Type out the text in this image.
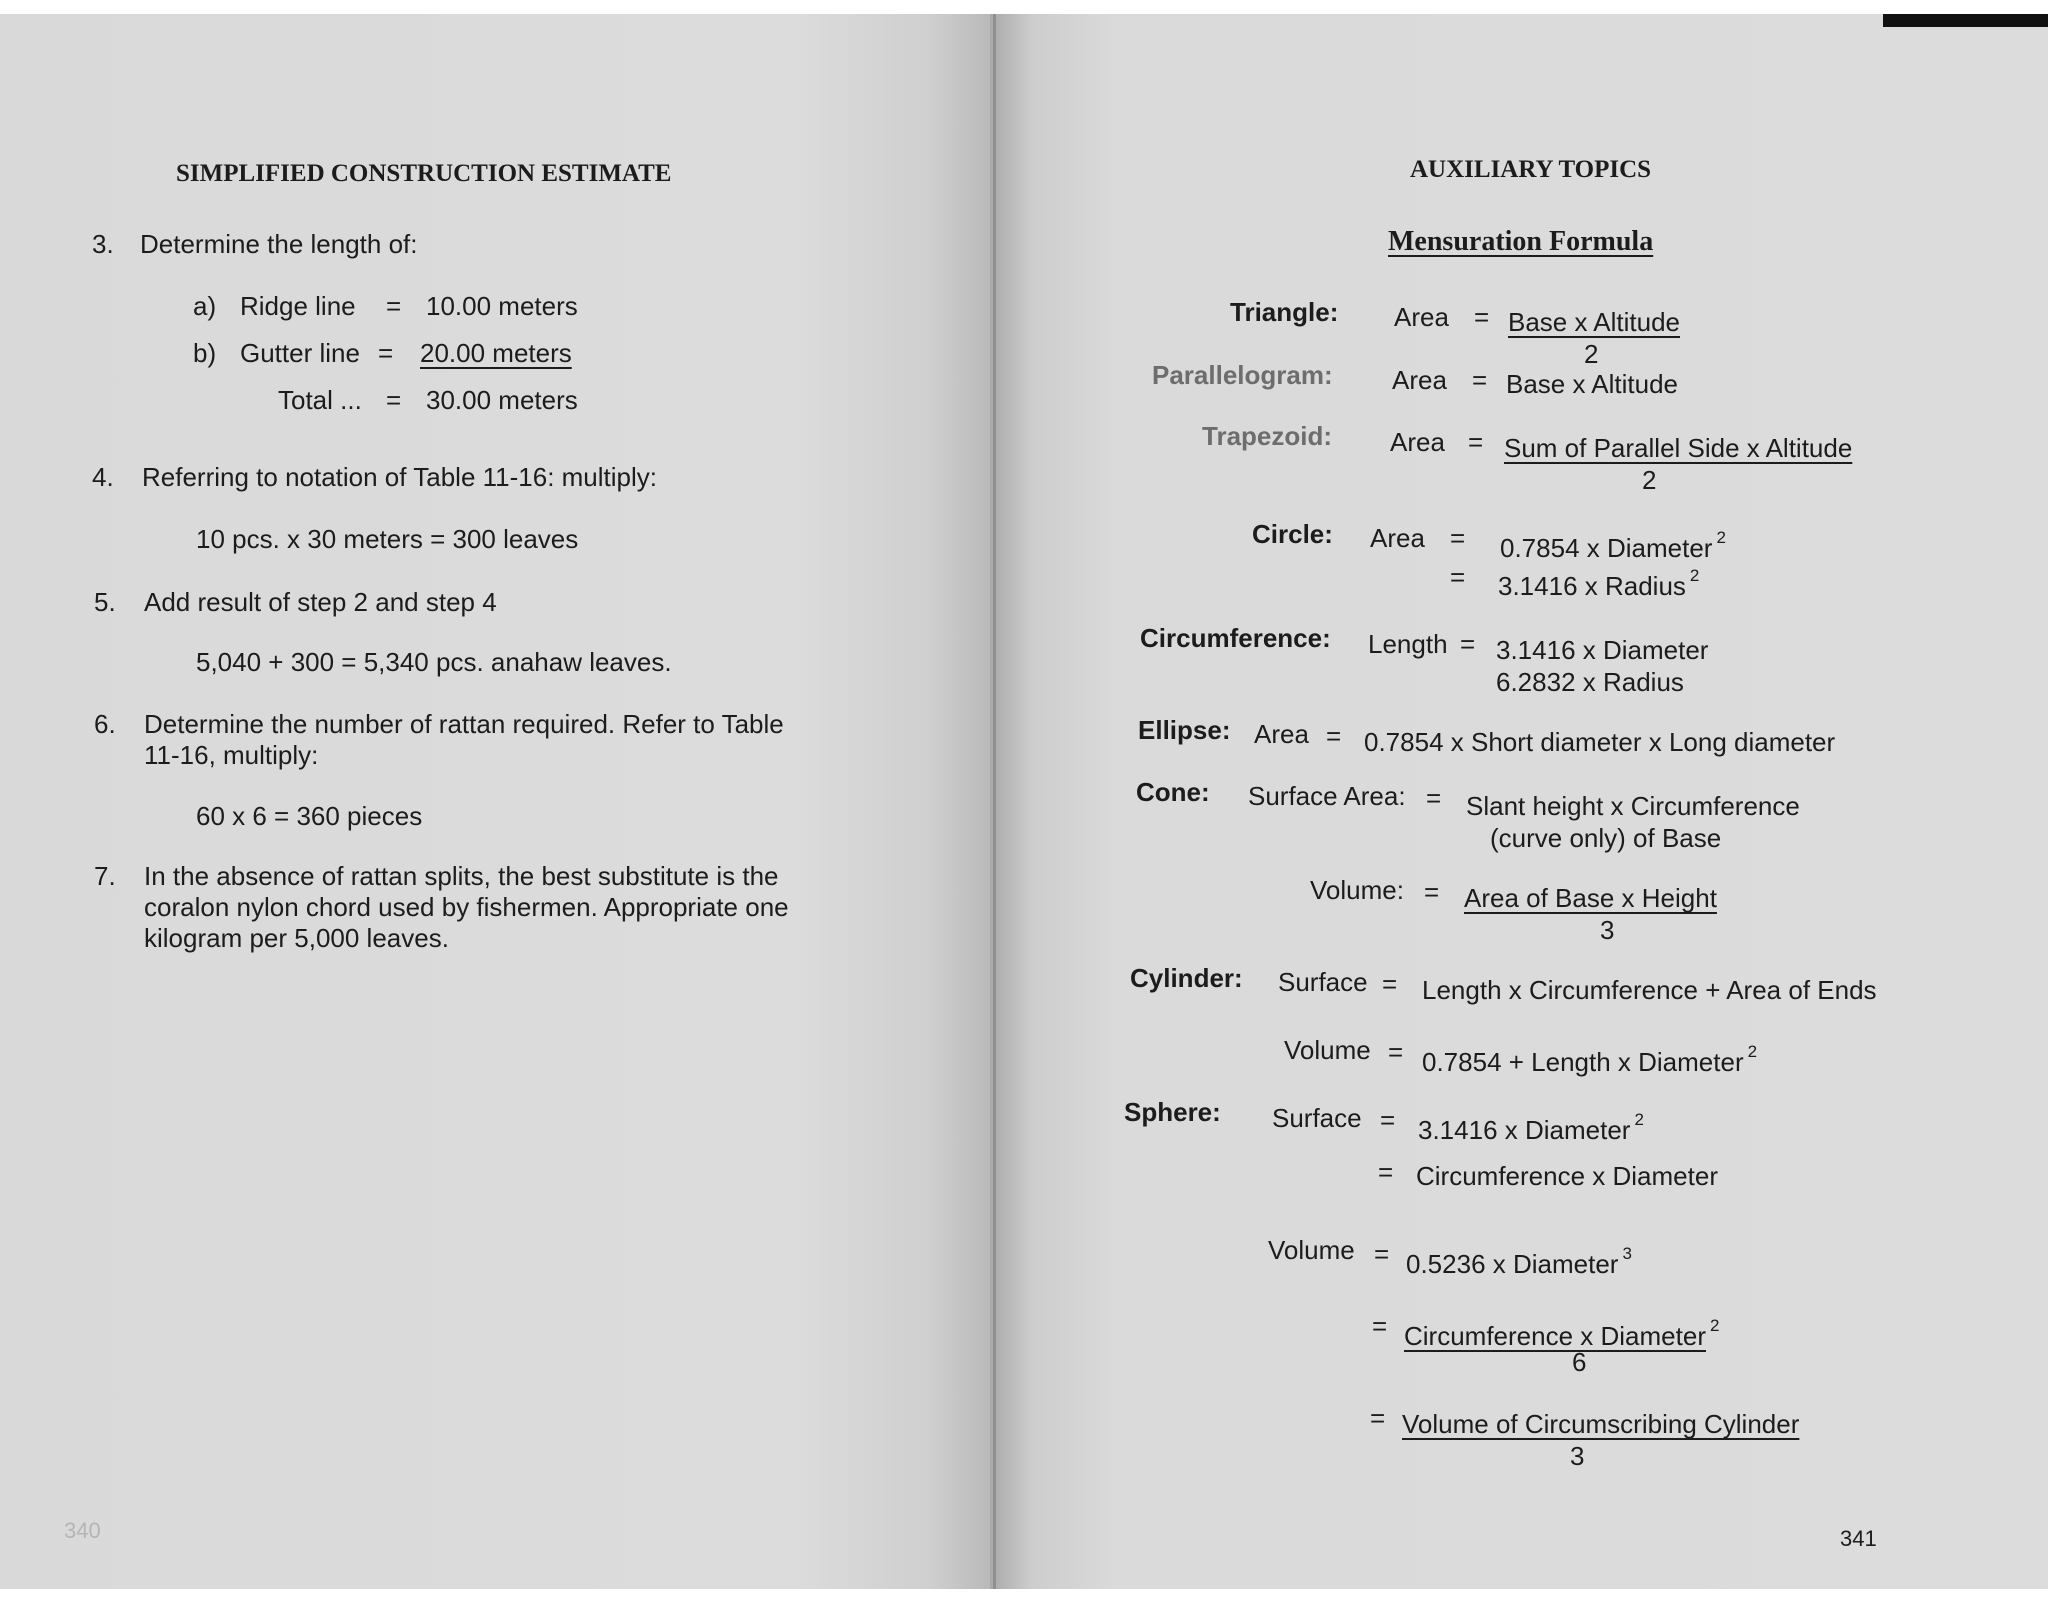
SIMPLIFIED CONSTRUCTION ESTIMATE
3. Determine the length of:
a) Ridge line = 10.00 meters
b) Gutter line = 20.00 meters
Total ... = 30.00 meters
4. Referring to notation of Table 11-16: multiply:
10 pcs. x 30 meters = 300 leaves
5. Add result of step 2 and step 4
5,040 + 300 = 5,340 pcs. anahaw leaves.
6. Determine the number of rattan required. Refer to Table
11-16, multiply:
60 x 6 = 360 pieces
7. In the absence of rattan splits, the best substitute is the
coralon nylon chord used by fishermen. Appropriate one
kilogram per 5,000 leaves.
340
AUXILIARY TOPICS
Mensuration Formula
Triangle: Area = Base x Altitude
2
Parallelogram: Area = Base x Altitude
Trapezoid: Area = Sum of Parallel Side x Altitude
2
Circle: Area = 0.7854 x Diameter $^2$
= 3.1416 x Radius $^2$
Circumference: Length = 3.1416 x Diameter
6.2832 x Radius
Ellipse: Area = 0.7854 x Short diameter x Long diameter
Cone: Surface Area: = Slant height x Circumference
(curve only) of Base
Volume: = Area of Base x Height
3
Cylinder: Surface = Length x Circumference + Area of Ends
Volume = 0.7854 + Length x Diameter $^2$
Sphere: Surface = 3.1416 x Diameter $^2$
= Circumference x Diameter
Volume = 0.5236 x Diameter $^3$
= Circumference x Diameter $^2$
6
= Volume of Circumscribing Cylinder
3
341
